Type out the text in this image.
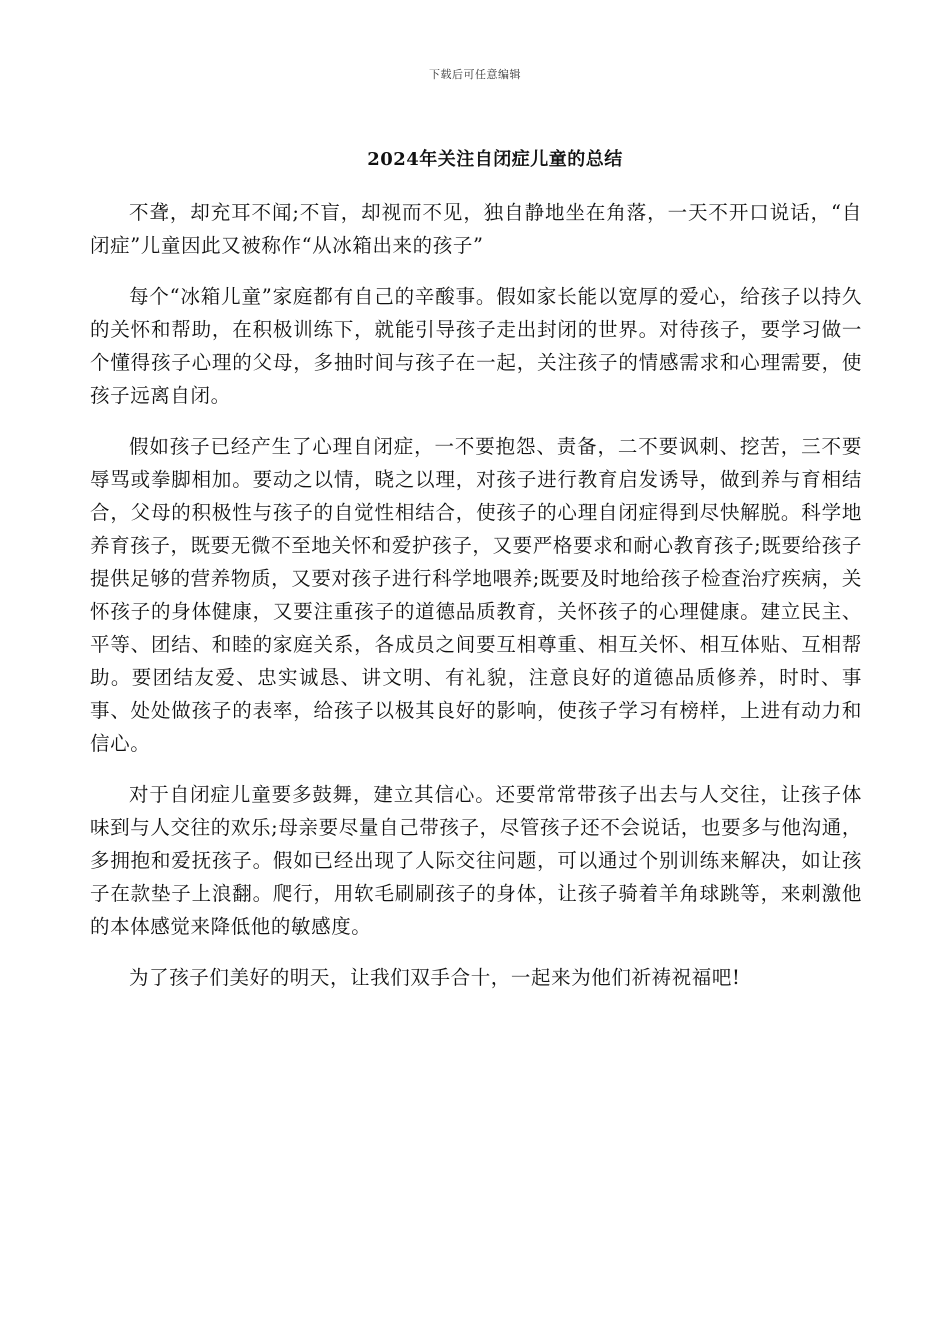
下载后可任意编辑
2024年关注自闭症儿童的总结

不聋，却充耳不闻;不盲，却视而不见，独自静地坐在角落，一天不开口说话，“自闭症”儿童因此又被称作“从冰箱出来的孩子”

每个“冰箱儿童”家庭都有自己的辛酸事。假如家长能以宽厚的爱心，给孩子以持久的关怀和帮助，在积极训练下，就能引导孩子走出封闭的世界。对待孩子，要学习做一个懂得孩子心理的父母，多抽时间与孩子在一起，关注孩子的情感需求和心理需要，使孩子远离自闭。

假如孩子已经产生了心理自闭症，一不要抱怨、责备，二不要讽刺、挖苦，三不要辱骂或拳脚相加。要动之以情，晓之以理，对孩子进行教育启发诱导，做到养与育相结合，父母的积极性与孩子的自觉性相结合，使孩子的心理自闭症得到尽快解脱。科学地养育孩子，既要无微不至地关怀和爱护孩子，又要严格要求和耐心教育孩子;既要给孩子提供足够的营养物质，又要对孩子进行科学地喂养;既要及时地给孩子检查治疗疾病，关怀孩子的身体健康，又要注重孩子的道德品质教育，关怀孩子的心理健康。建立民主、平等、团结、和睦的家庭关系，各成员之间要互相尊重、相互关怀、相互体贴、互相帮助。要团结友爱、忠实诚恳、讲文明、有礼貌，注意良好的道德品质修养，时时、事事、处处做孩子的表率，给孩子以极其良好的影响，使孩子学习有榜样，上进有动力和信心。

对于自闭症儿童要多鼓舞，建立其信心。还要常常带孩子出去与人交往，让孩子体味到与人交往的欢乐;母亲要尽量自己带孩子，尽管孩子还不会说话，也要多与他沟通，多拥抱和爱抚孩子。假如已经出现了人际交往问题，可以通过个别训练来解决，如让孩子在款垫子上浪翻。爬行，用软毛刷刷孩子的身体，让孩子骑着羊角球跳等，来刺激他的本体感觉来降低他的敏感度。

为了孩子们美好的明天，让我们双手合十，一起来为他们祈祷祝福吧!
